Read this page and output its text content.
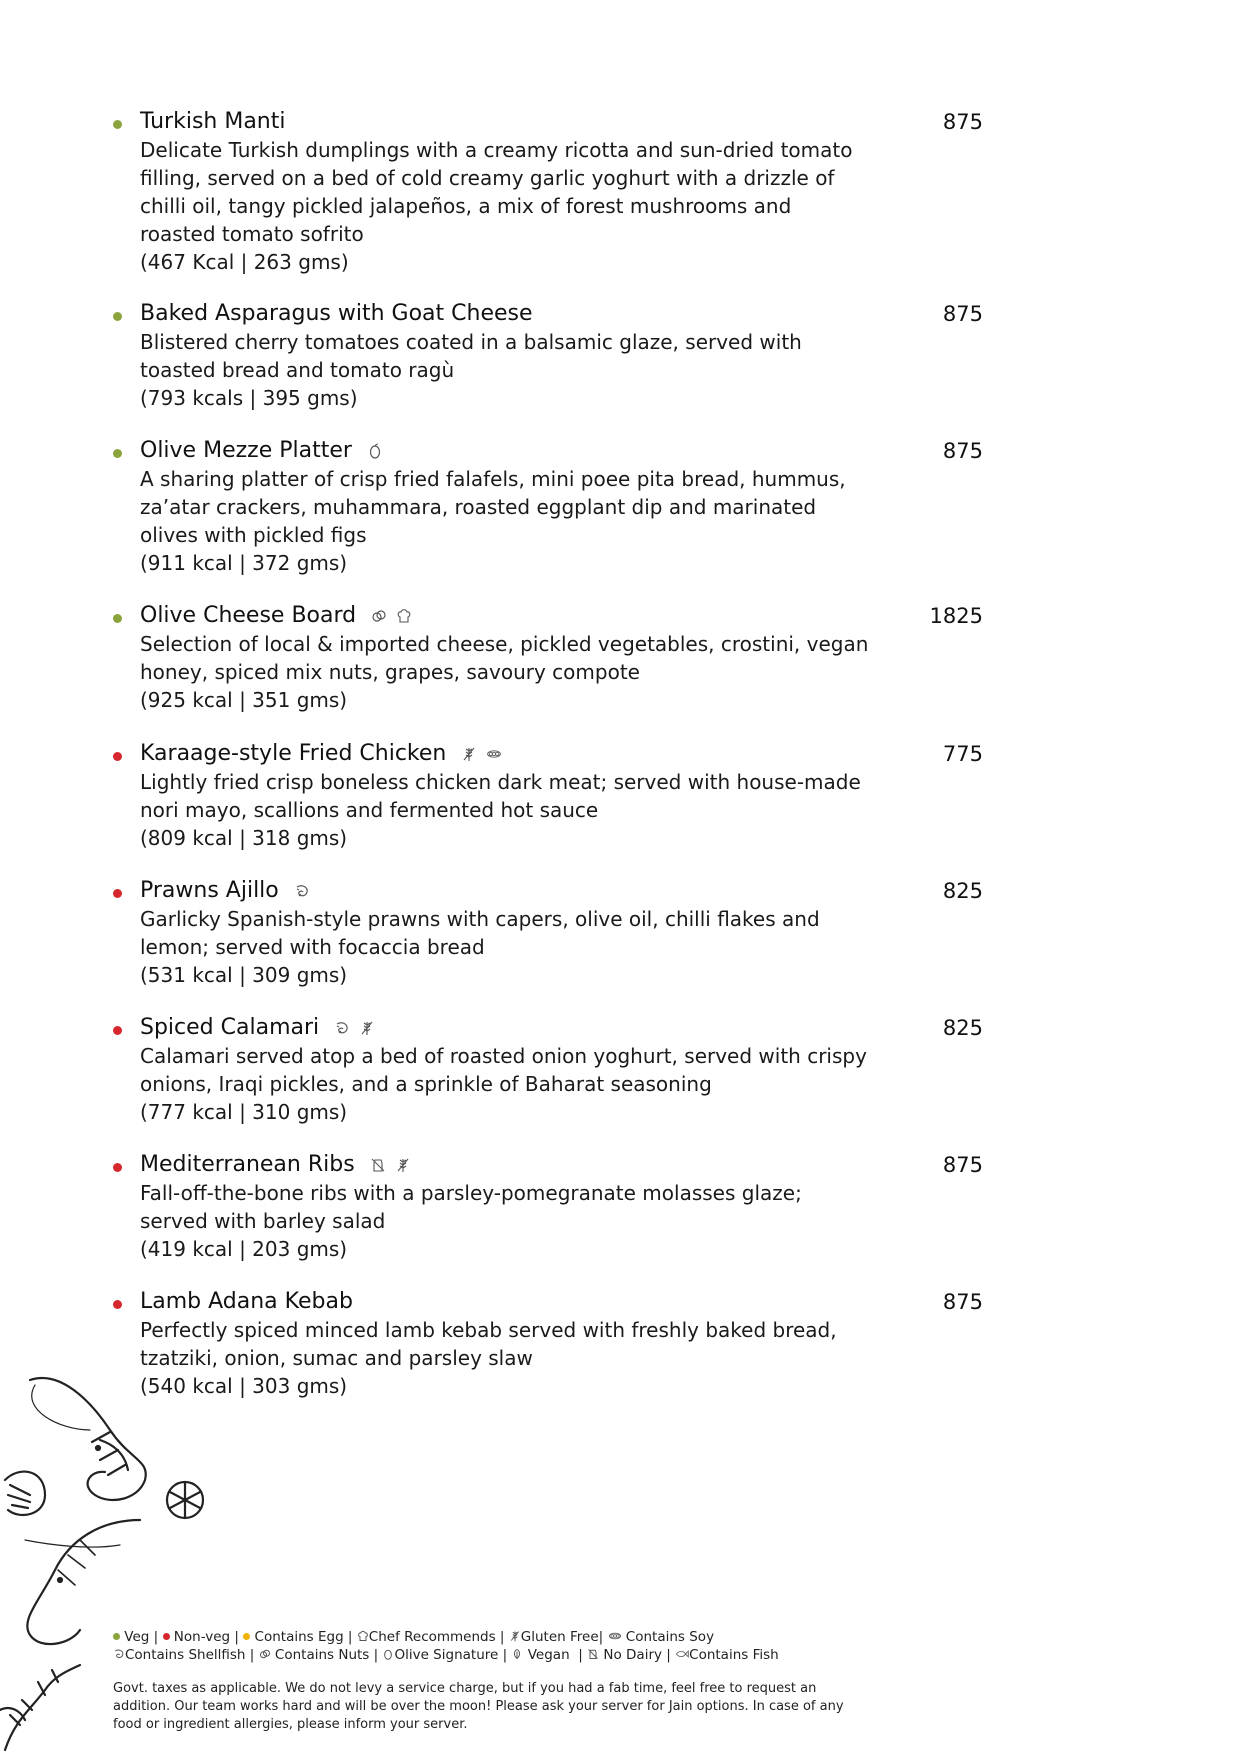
Turkish Manti	875

Delicate Turkish dumplings with a creamy ricotta and sun-dried tomato filling, served on a bed of cold creamy garlic yoghurt with a drizzle of chilli oil, tangy pickled jalapeños, a mix of forest mushrooms and roasted tomato sofrito

(467 Kcal | 263 gms)

Baked Asparagus with Goat Cheese	875

Blistered cherry tomatoes coated in a balsamic glaze, served with toasted bread and tomato ragù

(793 kcals | 395 gms)

Olive Mezze Platter	875

A sharing platter of crisp fried falafels, mini poee pita bread, hummus, za’atar crackers, muhammara, roasted eggplant dip and marinated olives with pickled figs

(911 kcal | 372 gms)

Olive Cheese Board	1825

Selection of local & imported cheese, pickled vegetables, crostini, vegan honey, spiced mix nuts, grapes, savoury compote

(925 kcal | 351 gms)

Karaage-style Fried Chicken	775

Lightly fried crisp boneless chicken dark meat; served with house-made nori mayo, scallions and fermented hot sauce

(809 kcal | 318 gms)

Prawns Ajillo	825

Garlicky Spanish-style prawns with capers, olive oil, chilli flakes and lemon; served with focaccia bread

(531 kcal | 309 gms)

Spiced Calamari	825

Calamari served atop a bed of roasted onion yoghurt, served with crispy onions, Iraqi pickles, and a sprinkle of Baharat seasoning

(777 kcal | 310 gms)

Mediterranean Ribs	875

Fall-off-the-bone ribs with a parsley-pomegranate molasses glaze; served with barley salad

(419 kcal | 203 gms)

Lamb Adana Kebab	875

Perfectly spiced minced lamb kebab served with freshly baked bread, tzatziki, onion, sumac and parsley slaw

(540 kcal | 303 gms)

Veg |  Non-veg |  Contains Egg | Chef Recommends | Gluten Free|  Contains Soy
Contains Shellfish |  Contains Nuts | Olive Signature |  Vegan  |  No Dairy | Contains Fish
Govt. taxes as applicable. We do not levy a service charge, but if you had a fab time, feel free to request an addition. Our team works hard and will be over the moon! Please ask your server for Jain options. In case of any food or ingredient allergies, please inform your server.
